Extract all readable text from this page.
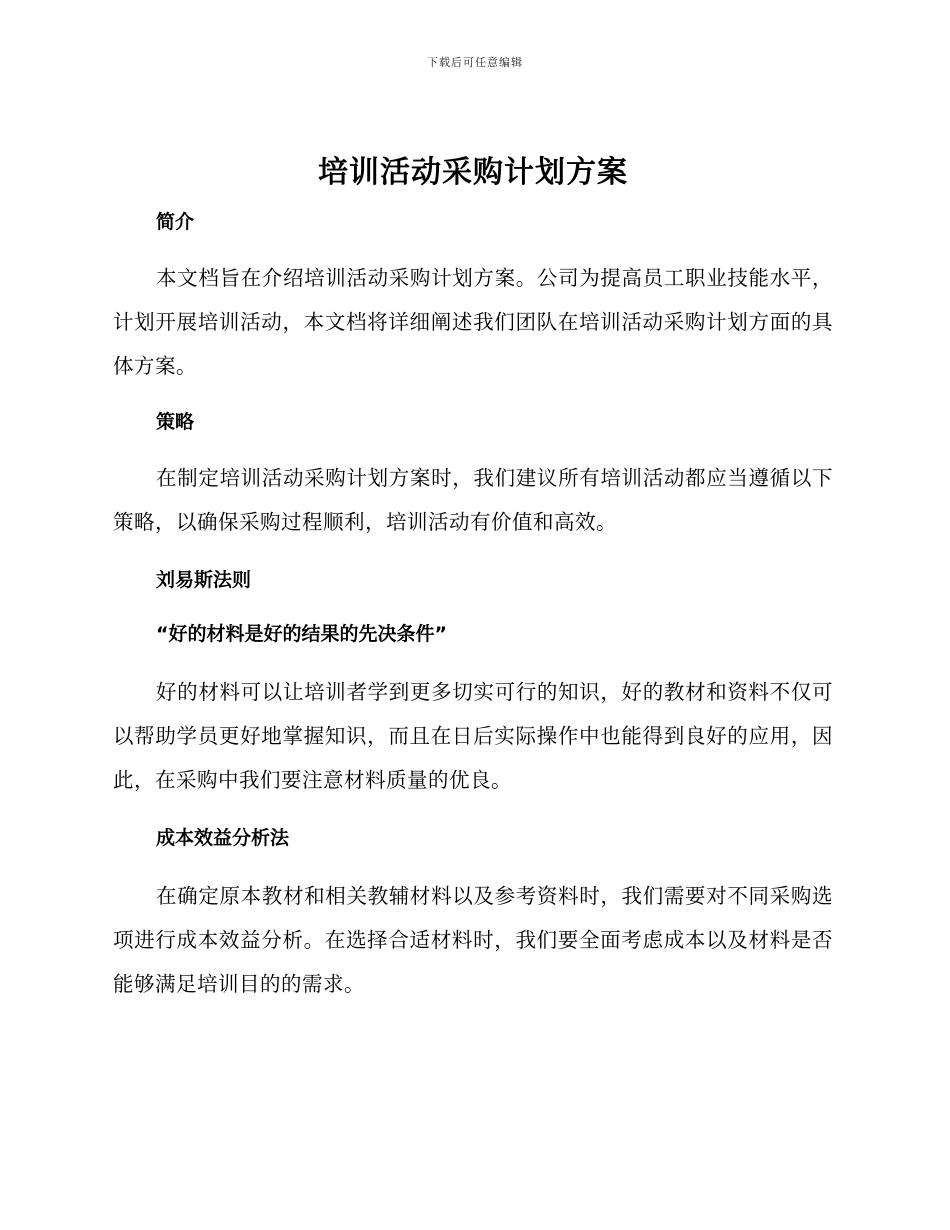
下载后可任意编辑
培训活动采购计划方案
简介

本文档旨在介绍培训活动采购计划方案。公司为提高员工职业技能水平，计划开展培训活动，本文档将详细阐述我们团队在培训活动采购计划方面的具体方案。

策略

在制定培训活动采购计划方案时，我们建议所有培训活动都应当遵循以下策略，以确保采购过程顺利，培训活动有价值和高效。

刘易斯法则
“好的材料是好的结果的先决条件”

好的材料可以让培训者学到更多切实可行的知识，好的教材和资料不仅可以帮助学员更好地掌握知识，而且在日后实际操作中也能得到良好的应用，因此，在采购中我们要注意材料质量的优良。

成本效益分析法

在确定原本教材和相关教辅材料以及参考资料时，我们需要对不同采购选项进行成本效益分析。在选择合适材料时，我们要全面考虑成本以及材料是否能够满足培训目的的需求。
